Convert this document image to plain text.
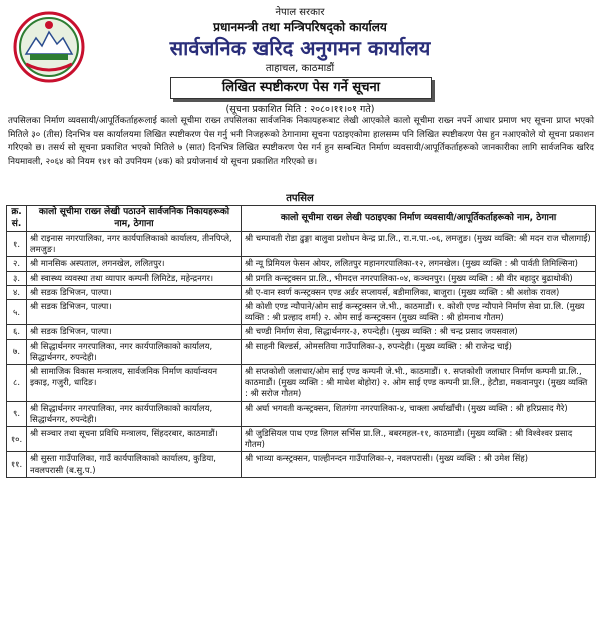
नेपाल सरकार
प्रधानमन्त्री तथा मन्त्रिपरिषद्को कार्यालय
सार्वजनिक खरिद अनुगमन कार्यालय
ताहाचल, काठमाडौं
लिखित स्पष्टीकरण पेस गर्ने सूचना
(सूचना प्रकाशित मिति : २०८०।११।०१ गते)
तपसिलका निर्माण व्यवसायी/आपूर्तिकर्ताहरूलाई कालो सूचीमा राख्न तपसिलका सार्वजनिक निकायहरूबाट लेखी आएकोले कालो सूचीमा राख्न नपर्ने आधार प्रमाण भए सूचना प्राप्त भएको मितिले ३० (तीस) दिनभित्र यस कार्यालयमा लिखित स्पष्टीकरण पेस गर्नु भनी निजहरूको ठेगानामा सूचना पठाइएकोमा हालसम्म पनि लिखित स्पष्टीकरण पेस हुन नआएकोले यो सूचना प्रकाशन गरिएको छ। तसर्थ सो सूचना प्रकाशित भएको मितिले ७ (सात) दिनभित्र लिखित स्पष्टीकरण पेस गर्न हुन सम्बन्धित निर्माण व्यवसायी/आपूर्तिकर्ताहरूको जानकारीका लागि सार्वजनिक खरिद नियमावली, २०६४ को नियम १४१ को उपनियम (४क) को प्रयोजनार्थ यो सूचना प्रकाशित गरिएको छ।
तपसिल
क्र. सं.	कालो सूचीमा राख्न लेखी पठाउने सार्वजनिक निकायहरूको नाम, ठेगाना	कालो सूचीमा राख्न लेखी पठाइएका निर्माण व्यवसायी/आपूर्तिकर्ताहरूको नाम, ठेगाना
१.	श्री राइनास नगरपालिका, नगर कार्यपालिकाको कार्यालय, तीनपिप्ले, लमजुङ।	श्री चम्पावती रोडा ढुङ्गा बालुवा प्रशोधन केन्द्र प्रा.लि., रा.न.पा.-०६, लमजुङ। (मुख्य व्यक्ति: श्री मदन राज चौलागाईं)
२.	श्री मानसिक अस्पताल, लगनखेल, ललितपुर।	श्री न्यू प्रिमियल फेसन ओयर, ललितपुर महानगरपालिका-१२, लगनखेल। (मुख्य व्यक्ति : श्री पार्वती तिमिल्सिना)
३.	श्री स्वास्थ्य व्यवस्था तथा व्यापार कम्पनी लिमिटेड, महेन्द्रनगर।	श्री प्रगति कन्स्ट्रक्सन प्रा.लि., भीमदत्त नगरपालिका-०४, कञ्चनपुर। (मुख्य व्यक्ति : श्री वीर बहादुर बुढाथोकी)
४.	श्री सडक डिभिजन, पाल्पा।	श्री ए-वान स्वर्ण कन्स्ट्रक्सन एण्ड अर्डर सप्लायर्स, बडीमालिका, बाजुरा। (मुख्य व्यक्ति : श्री अशोक रावल)
५.	श्री सडक डिभिजन, पाल्पा।	श्री कोशी एण्ड न्यौपाने/ओम साई कन्स्ट्रक्सन जे.भी., काठमाडौं। १. कोशी एण्ड न्यौपाने निर्माण सेवा प्रा.लि. (मुख्य व्यक्ति : श्री प्रल्हाद शर्मा) २. ओम साई कन्स्ट्रक्सन (मुख्य व्यक्ति : श्री होमनाथ गौतम)
६.	श्री सडक डिभिजन, पाल्पा।	श्री चण्डी निर्माण सेवा, सिद्धार्थनगर-३, रुपन्देही। (मुख्य व्यक्ति : श्री चन्द्र प्रसाद जयसवाल)
७.	श्री सिद्धार्थनगर नगरपालिका, नगर कार्यपालिकाको कार्यालय, सिद्धार्थनगर, रुपन्देही।	श्री साहनी बिल्डर्स, ओमसतिया गाउँपालिका-३, रुपन्देही। (मुख्य व्यक्ति : श्री राजेन्द्र चाई)
८.	श्री सामाजिक विकास मन्त्रालय, सार्वजनिक निर्माण कार्यान्वयन इकाइ, गजुरी, धादिङ।	श्री सप्तकोशी जलाधार/ओम साई एण्ड कम्पनी जे.भी., काठमाडौं। १. सप्तकोशी जलाधार निर्माण कम्पनी प्रा.लि., काठमाडौं। (मुख्य व्यक्ति : श्री माधेश बोहोरा) २. ओम साई एण्ड कम्पनी प्रा.लि., हेटौडा, मकवानपुर। (मुख्य व्यक्ति : श्री सरोज गौतम)
९.	श्री सिद्धार्थनगर नगरपालिका, नगर कार्यपालिकाको कार्यालय, सिद्धार्थनगर, रुपन्देही।	श्री अर्घा भगवती कन्स्ट्रक्सन, शितगंगा नगरपालिका-४, चाक्ला अर्घाखाँची। (मुख्य व्यक्ति : श्री हरिप्रसाद गैरे)
१०.	श्री सञ्चार तथा सूचना प्रविधि मन्त्रालय, सिंहदरबार, काठमाडौं।	श्री जुडिसियल पाथ एण्ड लिगल सर्भिस प्रा.लि., बबरमहल-११, काठमाडौं। (मुख्य व्यक्ति : श्री विश्वेश्वर प्रसाद गौतम)
११.	श्री सुस्ता गाउँपालिका, गाउँ कार्यपालिकाको कार्यालय, कुडिया, नवलपरासी (ब.सु.प.)	श्री भाव्या कन्स्ट्रक्सन, पाल्हीनन्दन गाउँपालिका-२, नवलपरासी। (मुख्य व्यक्ति : श्री उमेश सिंह)
